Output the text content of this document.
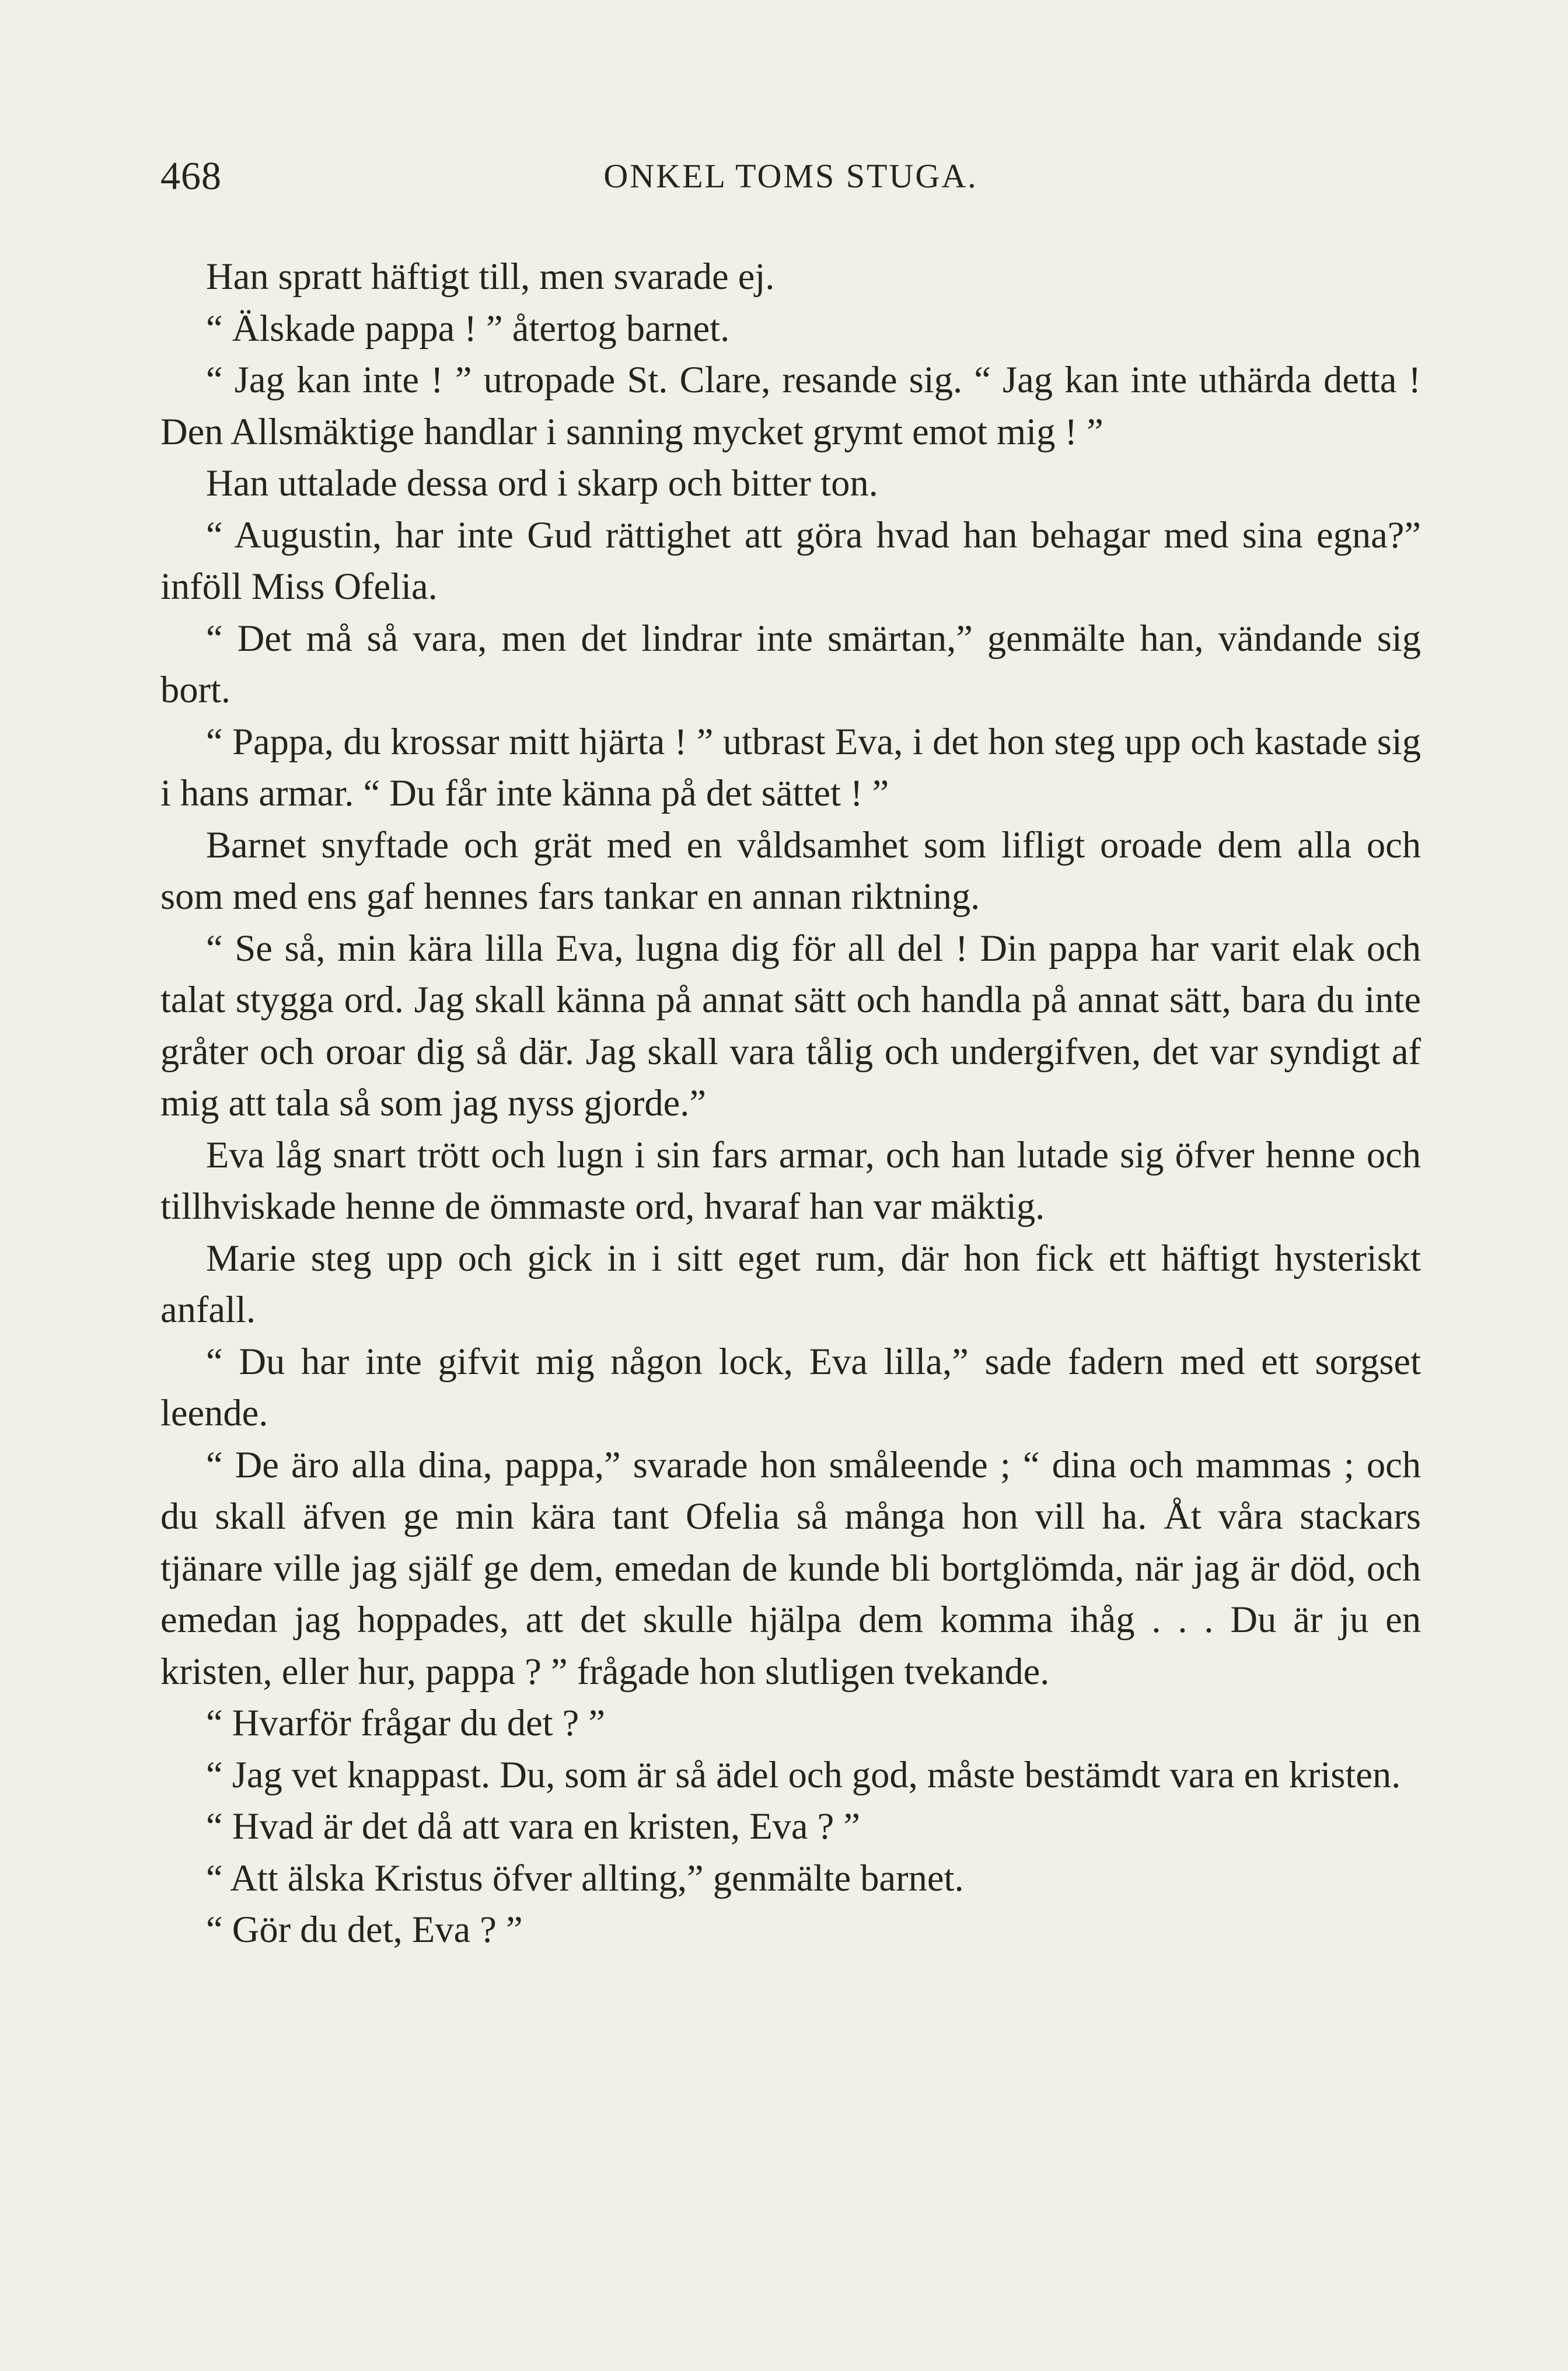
468	ONKEL TOMS STUGA.

Han spratt häftigt till, men svarade ej.

“ Älskade pappa ! ” återtog barnet.

“ Jag kan inte ! ” utropade St. Clare, resande sig. “ Jag kan inte uthärda detta ! Den Allsmäktige handlar i sanning mycket grymt emot mig ! ”

Han uttalade dessa ord i skarp och bitter ton.

“ Augustin, har inte Gud rättighet att göra hvad han behagar med sina egna?” inföll Miss Ofelia.

“ Det må så vara, men det lindrar inte smärtan,” genmälte han, vändande sig bort.

“ Pappa, du krossar mitt hjärta ! ” utbrast Eva, i det hon steg upp och kastade sig i hans armar. “ Du får inte känna på det sättet ! ”

Barnet snyftade och grät med en våldsamhet som lifligt oroade dem alla och som med ens gaf hennes fars tankar en annan riktning.

“ Se så, min kära lilla Eva, lugna dig för all del ! Din pappa har varit elak och talat stygga ord. Jag skall känna på annat sätt och handla på annat sätt, bara du inte gråter och oroar dig så där. Jag skall vara tålig och undergifven, det var syndigt af mig att tala så som jag nyss gjorde.”

Eva låg snart trött och lugn i sin fars armar, och han lutade sig öfver henne och tillhviskade henne de ömmaste ord, hvaraf han var mäktig.

Marie steg upp och gick in i sitt eget rum, där hon fick ett häftigt hysteriskt anfall.

“ Du har inte gifvit mig någon lock, Eva lilla,” sade fadern med ett sorgset leende.

“ De äro alla dina, pappa,” svarade hon småleende ; “ dina och mammas ; och du skall äfven ge min kära tant Ofelia så många hon vill ha. Åt våra stackars tjänare ville jag själf ge dem, emedan de kunde bli bortglömda, när jag är död, och emedan jag hoppades, att det skulle hjälpa dem komma ihåg . . . Du är ju en kristen, eller hur, pappa ? ” frågade hon slutligen tvekande.

“ Hvarför frågar du det ? ”

“ Jag vet knappast. Du, som är så ädel och god, måste bestämdt vara en kristen.

“ Hvad är det då att vara en kristen, Eva ? ”

“ Att älska Kristus öfver allting,” genmälte barnet.

“ Gör du det, Eva ? ”
